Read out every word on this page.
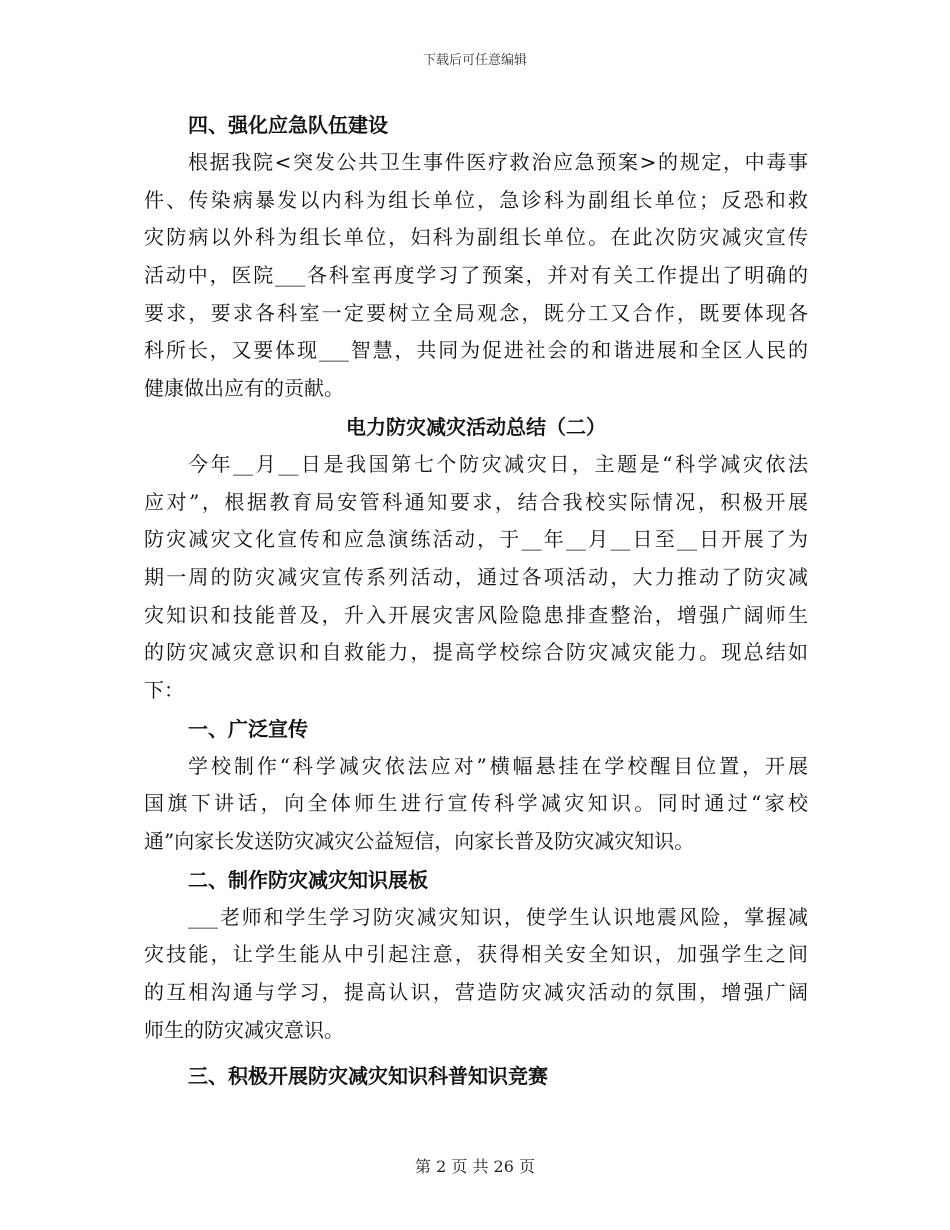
下载后可任意编辑
四、强化应急队伍建设
根据我院<突发公共卫生事件医疗救治应急预案>的规定，中毒事
件、传染病暴发以内科为组长单位，急诊科为副组长单位；反恐和救
灾防病以外科为组长单位，妇科为副组长单位。在此次防灾减灾宣传
活动中，医院___各科室再度学习了预案，并对有关工作提出了明确的
要求，要求各科室一定要树立全局观念，既分工又合作，既要体现各
科所长，又要体现___智慧，共同为促进社会的和谐进展和全区人民的
健康做出应有的贡献。
电力防灾减灾活动总结（二）
今年__月__日是我国第七个防灾减灾日，主题是“科学减灾依法
应对”，根据教育局安管科通知要求，结合我校实际情况，积极开展
防灾减灾文化宣传和应急演练活动，于__年__月__日至__日开展了为
期一周的防灾减灾宣传系列活动，通过各项活动，大力推动了防灾减
灾知识和技能普及，升入开展灾害风险隐患排查整治，增强广阔师生
的防灾减灾意识和自救能力，提高学校综合防灾减灾能力。现总结如
下：
一、广泛宣传
学校制作“科学减灾依法应对”横幅悬挂在学校醒目位置，开展
国旗下讲话，向全体师生进行宣传科学减灾知识。同时通过“家校
通”向家长发送防灾减灾公益短信，向家长普及防灾减灾知识。
二、制作防灾减灾知识展板
___老师和学生学习防灾减灾知识，使学生认识地震风险，掌握减
灾技能，让学生能从中引起注意，获得相关安全知识，加强学生之间
的互相沟通与学习，提高认识，营造防灾减灾活动的氛围，增强广阔
师生的防灾减灾意识。
三、积极开展防灾减灾知识科普知识竞赛
第 2 页 共 26 页
